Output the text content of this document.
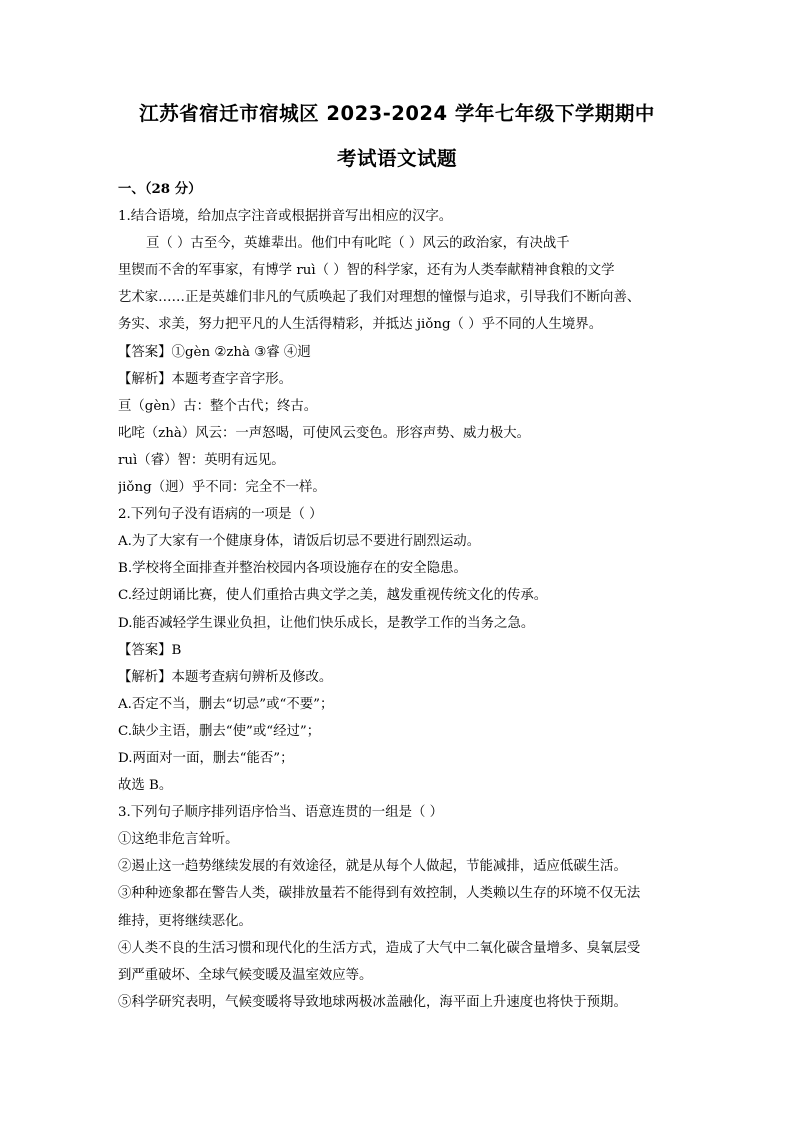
江苏省宿迁市宿城区 2023-2024 学年七年级下学期期中
考试语文试题
一、（28 分）
1.结合语境，给加点字注音或根据拼音写出相应的汉字。
亘（ ）古至今，英雄辈出。他们中有叱咤（ ）风云的政治家，有决战千
里锲而不舍的军事家，有博学 ruì（ ）智的科学家，还有为人类奉献精神食粮的文学
艺术家……正是英雄们非凡的气质唤起了我们对理想的憧憬与追求，引导我们不断向善、
务实、求美，努力把平凡的人生活得精彩，并抵达 jiǒng（ ）乎不同的人生境界。
【答案】①gèn ②zhà ③睿 ④迥
【解析】本题考查字音字形。
亘（gèn）古：整个古代；终古。
叱咤（zhà）风云：一声怒喝，可使风云变色。形容声势、威力极大。
ruì（睿）智：英明有远见。
jiǒng（迥）乎不同：完全不一样。
2.下列句子没有语病的一项是（ ）
A.为了大家有一个健康身体，请饭后切忌不要进行剧烈运动。
B.学校将全面排查并整治校园内各项设施存在的安全隐患。
C.经过朗诵比赛，使人们重拾古典文学之美，越发重视传统文化的传承。
D.能否减轻学生课业负担，让他们快乐成长，是教学工作的当务之急。
【答案】B
【解析】本题考查病句辨析及修改。
A.否定不当，删去“切忌”或“不要”；
C.缺少主语，删去“使”或“经过”；
D.两面对一面，删去“能否”；
故选 B。
3.下列句子顺序排列语序恰当、语意连贯的一组是（ ）
①这绝非危言耸听。
②遏止这一趋势继续发展的有效途径，就是从每个人做起，节能减排，适应低碳生活。
③种种迹象都在警告人类，碳排放量若不能得到有效控制，人类赖以生存的环境不仅无法
维持，更将继续恶化。
④人类不良的生活习惯和现代化的生活方式，造成了大气中二氧化碳含量增多、臭氧层受
到严重破坏、全球气候变暖及温室效应等。
⑤科学研究表明，气候变暖将导致地球两极冰盖融化，海平面上升速度也将快于预期。
